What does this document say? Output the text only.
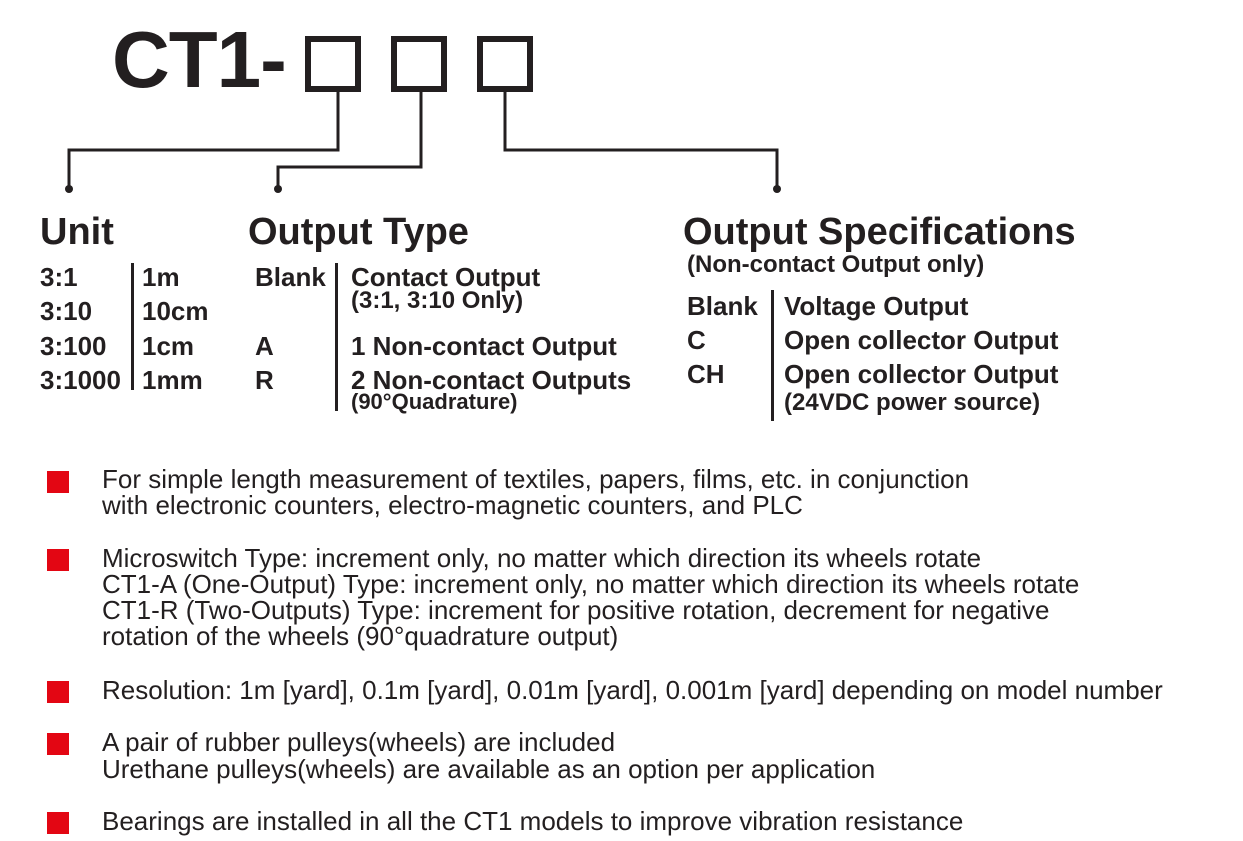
CT1-
Unit
3:1 1m
3:10 10cm
3:100 1cm
3:1000 1mm
Output Type
Blank Contact Output
(3:1, 3:10 Only)
A	1 Non-contact Output
R	2 Non-contact Outputs
(90°Quadrature)
Output Specifications
(Non-contact Output only)
Blank Voltage Output
C	Open collector Output
CH Open collector Output
(24VDC power source)
For simple length measurement of textiles, papers, films, etc. in conjunction
with electronic counters, electro-magnetic counters, and PLC
Microswitch Type: increment only, no matter which direction its wheels rotate
CT1-A (One-Output) Type: increment only, no matter which direction its wheels rotate
CT1-R (Two-Outputs) Type: increment for positive rotation, decrement for negative
rotation of the wheels (90°quadrature output)
Resolution: 1m [yard], 0.1m [yard], 0.01m [yard], 0.001m [yard] depending on model number
A pair of rubber pulleys(wheels) are included
Urethane pulleys(wheels) are available as an option per application
Bearings are installed in all the CT1 models to improve vibration resistance
